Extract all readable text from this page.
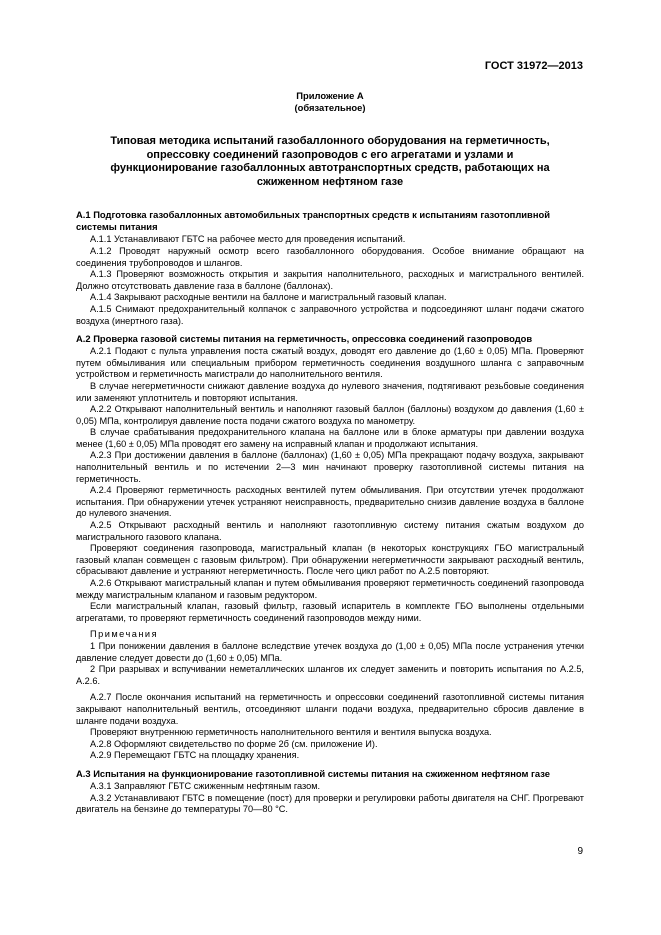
ГОСТ 31972—2013
Приложение А
(обязательное)
Типовая методика испытаний газобаллонного оборудования на герметичность, опрессовку соединений газопроводов с его агрегатами и узлами и функционирование газобаллонных автотранспортных средств, работающих на сжиженном нефтяном газе
А.1 Подготовка газобаллонных автомобильных транспортных средств к испытаниям газотопливной системы питания

А.1.1 Устанавливают ГБТС на рабочее место для проведения испытаний.

А.1.2 Проводят наружный осмотр всего газобаллонного оборудования. Особое внимание обращают на соединения трубопроводов и шлангов.

А.1.3 Проверяют возможность открытия и закрытия наполнительного, расходных и магистрального вентилей. Должно отсутствовать давление газа в баллоне (баллонах).

А.1.4 Закрывают расходные вентили на баллоне и магистральный газовый клапан.

А.1.5 Снимают предохранительный колпачок с заправочного устройства и подсоединяют шланг подачи сжатого воздуха (инертного газа).

А.2 Проверка газовой системы питания на герметичность, опрессовка соединений газопроводов

А.2.1 Подают с пульта управления поста сжатый воздух, доводят его давление до (1,60 ± 0,05) МПа. Проверяют путем обмыливания или специальным прибором герметичность соединения воздушного шланга с заправочным устройством и герметичность магистрали до наполнительного вентиля.

В случае негерметичности снижают давление воздуха до нулевого значения, подтягивают резьбовые соединения или заменяют уплотнитель и повторяют испытания.

А.2.2 Открывают наполнительный вентиль и наполняют газовый баллон (баллоны) воздухом до давления (1,60 ± 0,05) МПа, контролируя давление поста подачи сжатого воздуха по манометру.

В случае срабатывания предохранительного клапана на баллоне или в блоке арматуры при давлении воздуха менее (1,60 ± 0,05) МПа проводят его замену на исправный клапан и продолжают испытания.

А.2.3 При достижении давления в баллоне (баллонах) (1,60 ± 0,05) МПа прекращают подачу воздуха, закрывают наполнительный вентиль и по истечении 2—3 мин начинают проверку газотопливной системы питания на герметичность.

А.2.4 Проверяют герметичность расходных вентилей путем обмыливания. При отсутствии утечек продолжают испытания. При обнаружении утечек устраняют неисправность, предварительно снизив давление воздуха в баллоне до нулевого значения.

А.2.5 Открывают расходный вентиль и наполняют газотопливную систему питания сжатым воздухом до магистрального газового клапана.

Проверяют соединения газопровода, магистральный клапан (в некоторых конструкциях ГБО магистральный газовый клапан совмещен с газовым фильтром). При обнаружении негерметичности закрывают расходный вентиль, сбрасывают давление и устраняют негерметичность. После чего цикл работ по А.2.5 повторяют.

А.2.6 Открывают магистральный клапан и путем обмыливания проверяют герметичность соединений газопровода между магистральным клапаном и газовым редуктором.

Если магистральный клапан, газовый фильтр, газовый испаритель в комплекте ГБО выполнены отдельными агрегатами, то проверяют герметичность соединений газопроводов между ними.

Примечания

1 При понижении давления в баллоне вследствие утечек воздуха до (1,00 ± 0,05) МПа после устранения утечки давление следует довести до (1,60 ± 0,05) МПа.

2 При разрывах и вспучивании неметаллических шлангов их следует заменить и повторить испытания по А.2.5, А.2.6.

А.2.7 После окончания испытаний на герметичность и опрессовки соединений газотопливной системы питания закрывают наполнительный вентиль, отсоединяют шланги подачи воздуха, предварительно сбросив давление в шланге подачи воздуха.

Проверяют внутреннюю герметичность наполнительного вентиля и вентиля выпуска воздуха.

А.2.8 Оформляют свидетельство по форме 2б (см. приложение И).

А.2.9 Перемещают ГБТС на площадку хранения.

А.3 Испытания на функционирование газотопливной системы питания на сжиженном нефтяном газе

А.3.1 Заправляют ГБТС сжиженным нефтяным газом.

А.3.2 Устанавливают ГБТС в помещение (пост) для проверки и регулировки работы двигателя на СНГ. Прогревают двигатель на бензине до температуры 70—80 °С.

9
